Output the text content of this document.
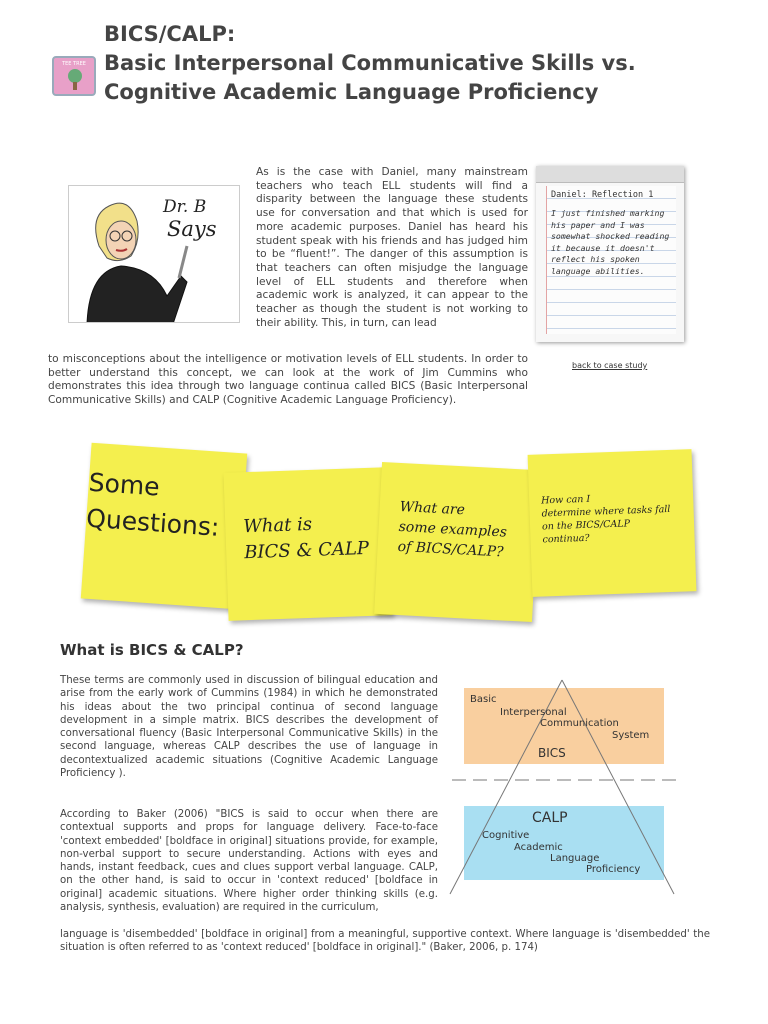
TEE TREE
BICS/CALP:
Basic Interpersonal Communicative Skills vs.
Cognitive Academic Language Proficiency
Dr. B
Says
As is the case with Daniel, many mainstream teachers who teach ELL students will find a disparity between the language these students use for conversation and that which is used for more academic purposes. Daniel has heard his student speak with his friends and has judged him to be “fluent!”. The danger of this assumption is that teachers can often misjudge the language level of ELL students and therefore when academic work is analyzed, it can appear to the teacher as though the student is not working to their ability. This, in turn, can lead
to misconceptions about the intelligence or motivation levels of ELL students. In order to better understand this concept, we can look at the work of Jim Cummins who demonstrates this idea through two language continua called BICS (Basic Interpersonal Communicative Skills) and CALP (Cognitive Academic Language Proficiency).
Daniel: Reflection 1
I just finished marking his paper and I was somewhat shocked reading it because it doesn't reflect his spoken language abilities.
back to case study
Some
Questions:	What is
BICS & CALP
What are
some examples
of BICS/CALP?
How can I
determine where tasks fall
on the BICS/CALP
continua?
What is BICS & CALP?
These terms are commonly used in discussion of bilingual education and arise from the early work of Cummins (1984) in which he demonstrated his ideas about the two principal continua of second language development in a simple matrix. BICS describes the development of conversational fluency (Basic Interpersonal Communicative Skills) in the second language, whereas CALP describes the use of language in decontextualized academic situations (Cognitive Academic Language Proficiency ).
According to Baker (2006) "BICS is said to occur when there are contextual supports and props for language delivery. Face-to-face 'context embedded' [boldface in original] situations provide, for example, non-verbal support to secure understanding. Actions with eyes and hands, instant feedback, cues and clues support verbal language. CALP, on the other hand, is said to occur in 'context reduced' [boldface in original] academic situations. Where higher order thinking skills (e.g. analysis, synthesis, evaluation) are required in the curriculum,
language is 'disembedded' [boldface in original] from a meaningful, supportive context. Where language is 'disembedded' the situation is often referred to as 'context reduced' [boldface in original]." (Baker, 2006, p. 174)
Basic
Interpersonal
Communication
System
BICS
CALP
Cognitive
Academic
Language
Proficiency
